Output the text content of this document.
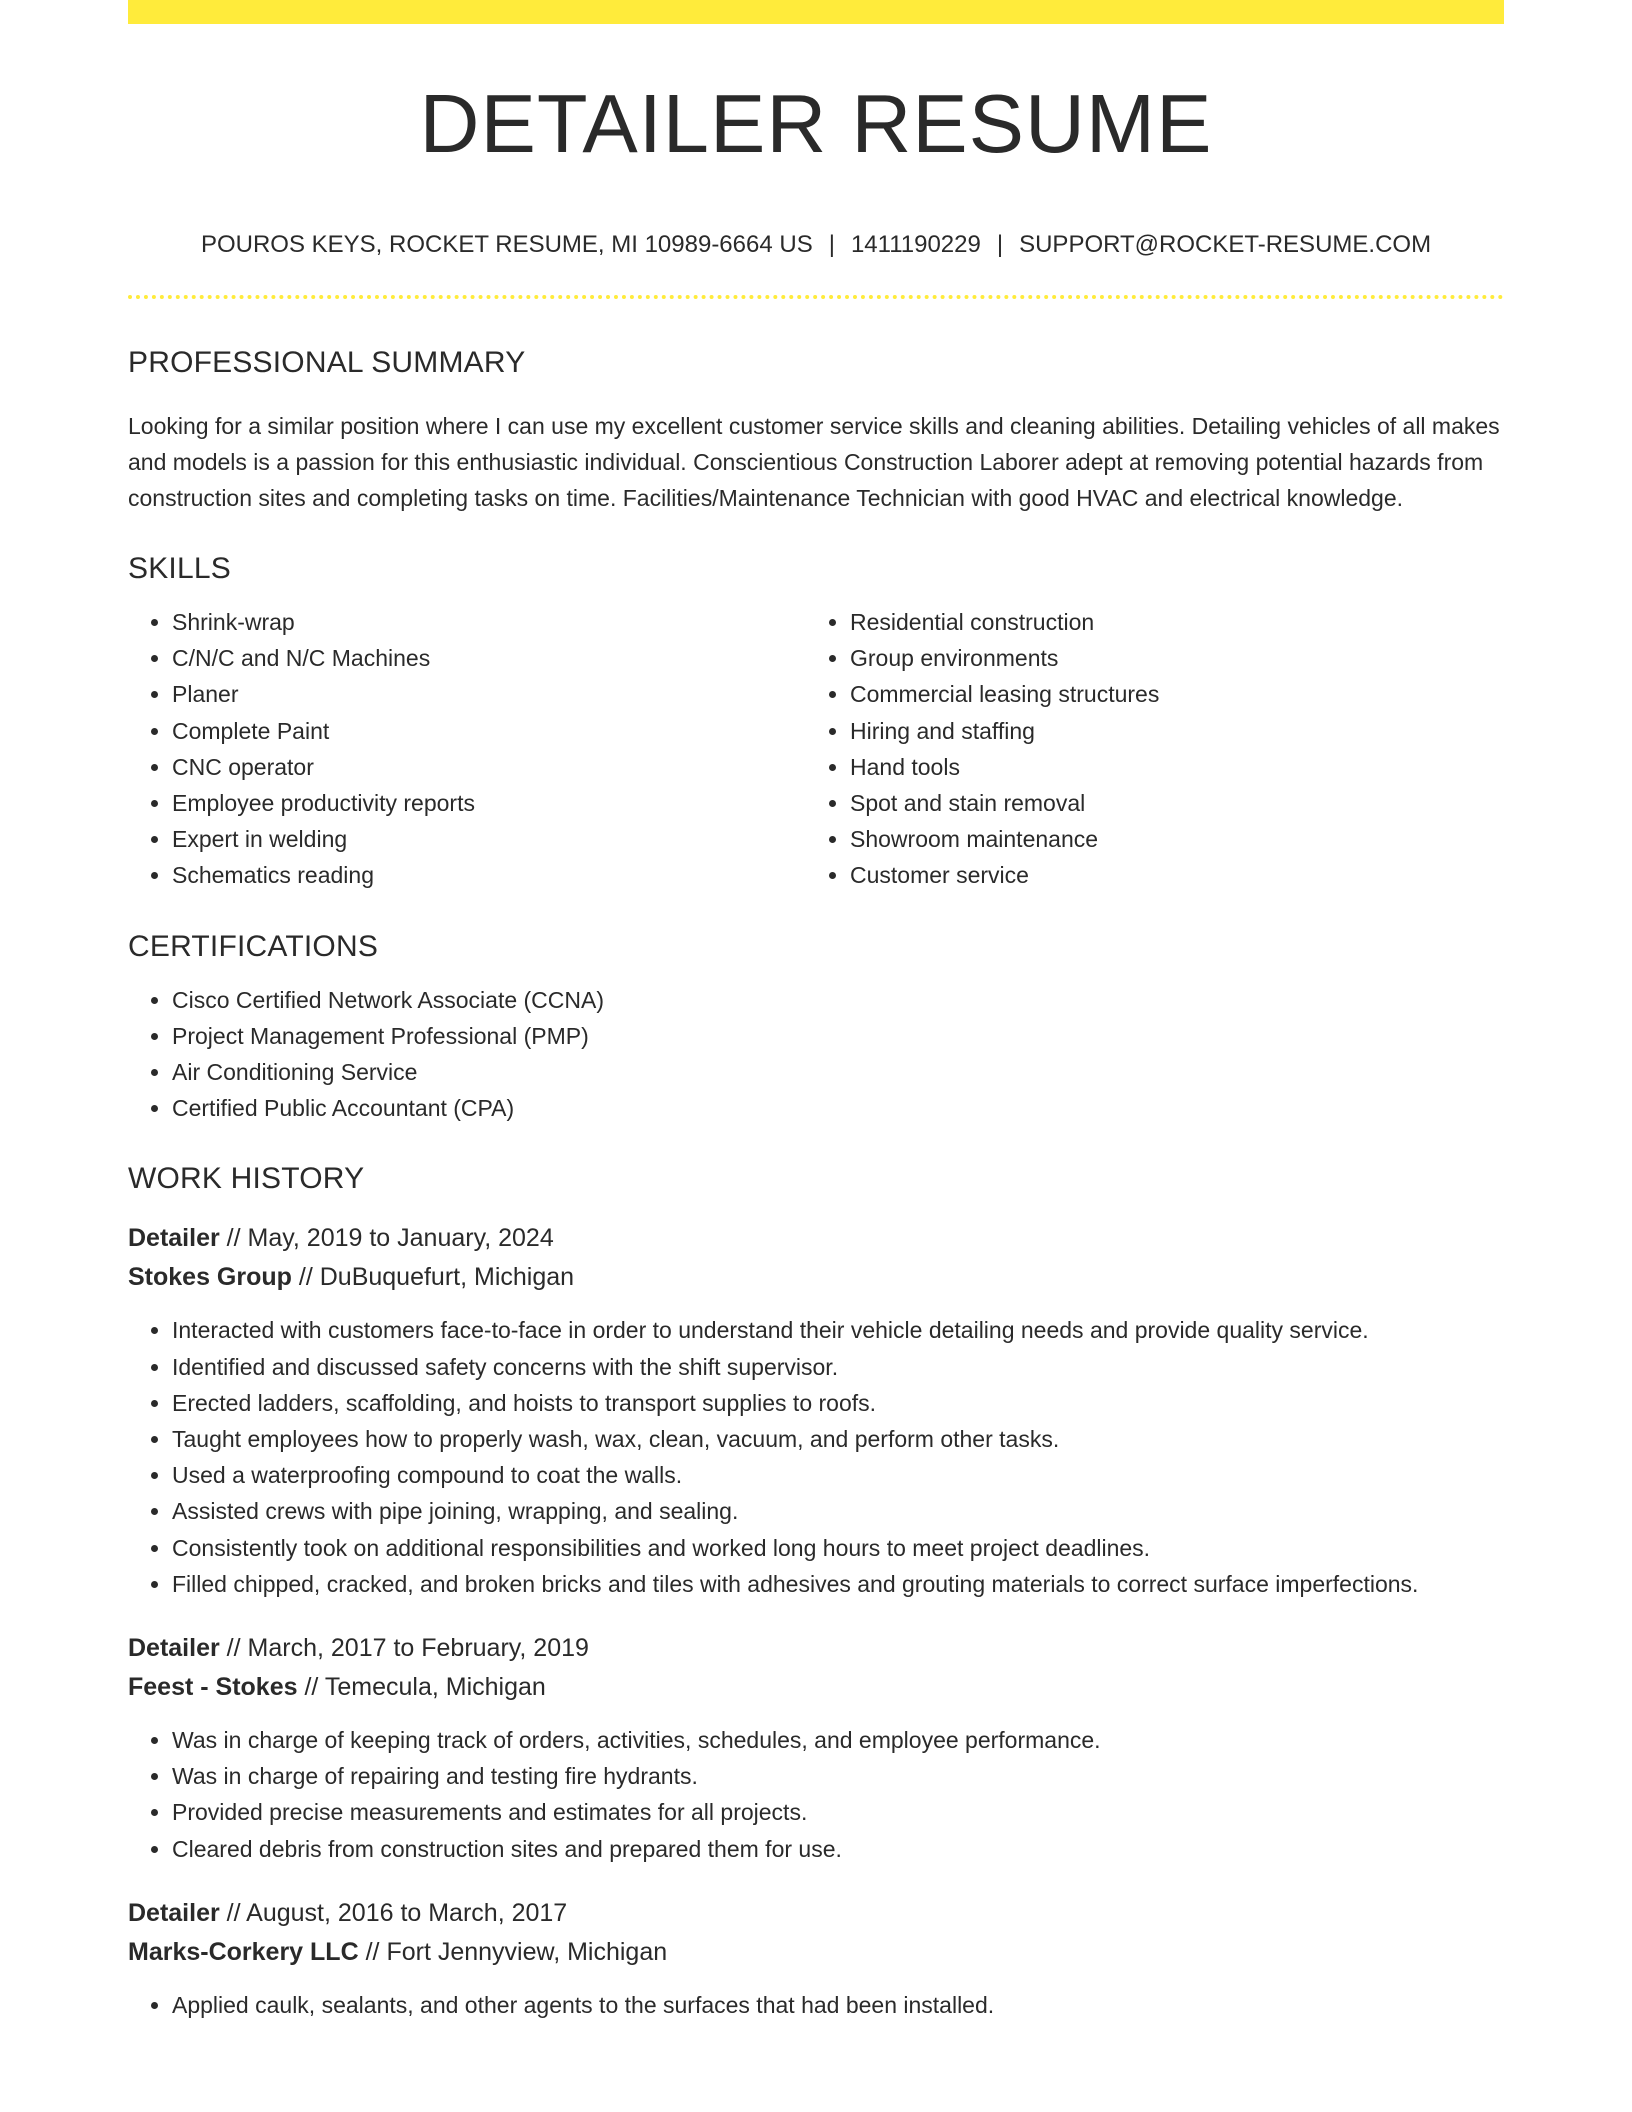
DETAILER RESUME
POUROS KEYS, ROCKET RESUME, MI 10989-6664 US | 1411190229 | SUPPORT@ROCKET-RESUME.COM
PROFESSIONAL SUMMARY
Looking for a similar position where I can use my excellent customer service skills and cleaning abilities. Detailing vehicles of all makes and models is a passion for this enthusiastic individual. Conscientious Construction Laborer adept at removing potential hazards from construction sites and completing tasks on time. Facilities/Maintenance Technician with good HVAC and electrical knowledge.
SKILLS
• Shrink-wrap
• C/N/C and N/C Machines
• Planer
• Complete Paint
• CNC operator
• Employee productivity reports
• Expert in welding
• Schematics reading
• Residential construction
• Group environments
• Commercial leasing structures
• Hiring and staffing
• Hand tools
• Spot and stain removal
• Showroom maintenance
• Customer service
CERTIFICATIONS
• Cisco Certified Network Associate (CCNA)
• Project Management Professional (PMP)
• Air Conditioning Service
• Certified Public Accountant (CPA)
WORK HISTORY
Detailer // May, 2019 to January, 2024
Stokes Group // DuBuquefurt, Michigan
• Interacted with customers face-to-face in order to understand their vehicle detailing needs and provide quality service.
• Identified and discussed safety concerns with the shift supervisor.
• Erected ladders, scaffolding, and hoists to transport supplies to roofs.
• Taught employees how to properly wash, wax, clean, vacuum, and perform other tasks.
• Used a waterproofing compound to coat the walls.
• Assisted crews with pipe joining, wrapping, and sealing.
• Consistently took on additional responsibilities and worked long hours to meet project deadlines.
• Filled chipped, cracked, and broken bricks and tiles with adhesives and grouting materials to correct surface imperfections.
Detailer // March, 2017 to February, 2019
Feest - Stokes // Temecula, Michigan
• Was in charge of keeping track of orders, activities, schedules, and employee performance.
• Was in charge of repairing and testing fire hydrants.
• Provided precise measurements and estimates for all projects.
• Cleared debris from construction sites and prepared them for use.
Detailer // August, 2016 to March, 2017
Marks-Corkery LLC // Fort Jennyview, Michigan
• Applied caulk, sealants, and other agents to the surfaces that had been installed.
